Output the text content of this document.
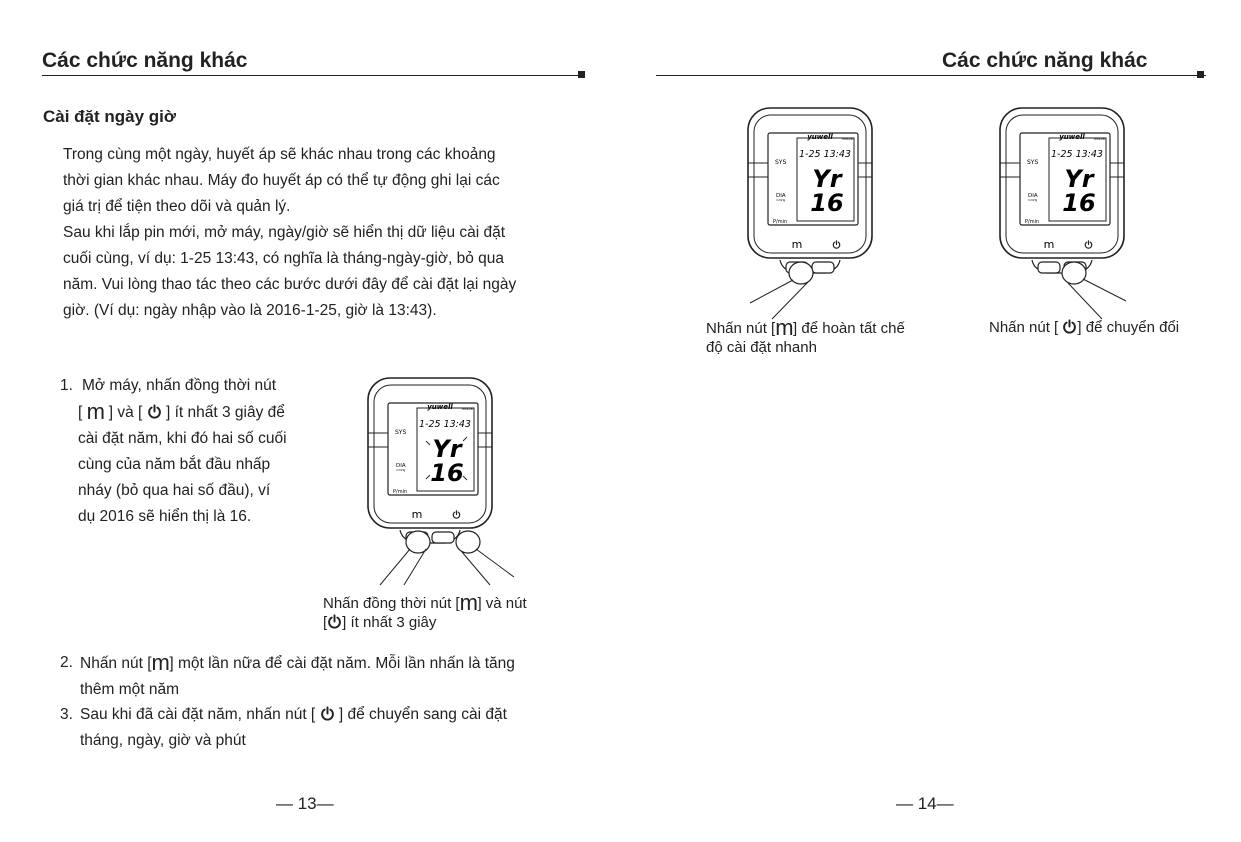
Các chức năng khác
Cài đặt ngày giờ
Trong cùng một ngày, huyết áp sẽ khác nhau trong các khoảng
thời gian khác nhau. Máy đo huyết áp có thể tự động ghi lại các
giá trị để tiện theo dõi và quản lý.
Sau khi lắp pin mới, mở máy, ngày/giờ sẽ hiển thị dữ liệu cài đặt
cuối cùng, ví dụ: 1-25 13:43, có nghĩa là tháng-ngày-giờ, bỏ qua
năm. Vui lòng thao tác theo các bước dưới đây để cài đặt lại ngày
giờ. (Ví dụ: ngày nhập vào là 2016-1-25, giờ là 13:43).
1. Mở máy, nhấn đồng thời nút
[ m ] và [  ] ít nhất 3 giây để
cài đặt năm, khi đó hai số cuối
cùng của năm bắt đầu nhấp
nháy (bỏ qua hai số đầu), ví
dụ 2016 sẽ hiển thị là 16.
yuwell	YE660B
SYS
DIA
mmHg
P/min
1-25 13:43
Yr
16
m
Nhấn đồng thời nút [m] và nút
[ ] ít nhất 3 giây
2. Nhấn nút [m] một lần nữa để cài đặt năm. Mỗi lần nhấn là tăng
thêm một năm
3. Sau khi đã cài đặt năm, nhấn nút [  ] để chuyển sang cài đặt
tháng, ngày, giờ và phút
— 13—
Các chức năng khác
yuwell	YE660B
SYS
DIA
mmHg
P/min
1-25 13:43
Yr
16
m
Nhấn nút [m] để hoàn tất chế
độ cài đặt nhanh
yuwell	YE660B
SYS
DIA
mmHg
P/min
1-25 13:43
Yr
16
m
Nhấn nút [ ] để chuyển đổi
— 14—
